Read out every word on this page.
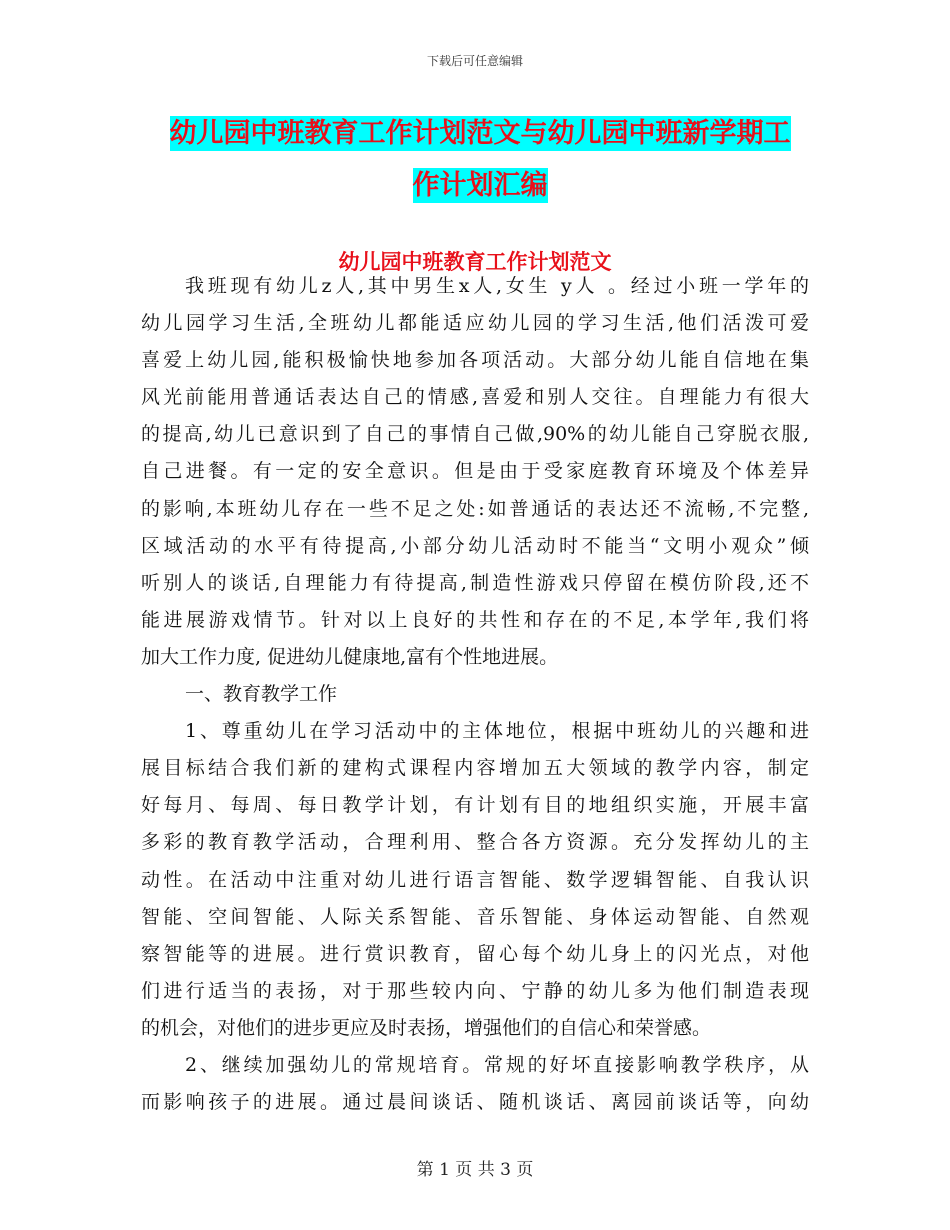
下载后可任意编辑
幼儿园中班教育工作计划范文与幼儿园中班新学期工
作计划汇编
幼儿园中班教育工作计划范文
我班现有幼儿z人,其中男生x人,女生 y人 。经过小班一学年的
幼儿园学习生活,全班幼儿都能适应幼儿园的学习生活,他们活泼可爱
喜爱上幼儿园,能积极愉快地参加各项活动。大部分幼儿能自信地在集
风光前能用普通话表达自己的情感,喜爱和别人交往。自理能力有很大
的提高,幼儿已意识到了自己的事情自己做,90%的幼儿能自己穿脱衣服,
自己进餐。有一定的安全意识。但是由于受家庭教育环境及个体差异
的影响,本班幼儿存在一些不足之处:如普通话的表达还不流畅,不完整,
区域活动的水平有待提高,小部分幼儿活动时不能当“文明小观众”倾
听别人的谈话,自理能力有待提高,制造性游戏只停留在模仿阶段,还不
能进展游戏情节。针对以上良好的共性和存在的不足,本学年,我们将
加大工作力度, 促进幼儿健康地,富有个性地进展。
一、教育教学工作
1、尊重幼儿在学习活动中的主体地位，根据中班幼儿的兴趣和进
展目标结合我们新的建构式课程内容增加五大领域的教学内容，制定
好每月、每周、每日教学计划，有计划有目的地组织实施，开展丰富
多彩的教育教学活动，合理利用、整合各方资源。充分发挥幼儿的主
动性。在活动中注重对幼儿进行语言智能、数学逻辑智能、自我认识
智能、空间智能、人际关系智能、音乐智能、身体运动智能、自然观
察智能等的进展。进行赏识教育，留心每个幼儿身上的闪光点，对他
们进行适当的表扬，对于那些较内向、宁静的幼儿多为他们制造表现
的机会，对他们的进步更应及时表扬，增强他们的自信心和荣誉感。
2、继续加强幼儿的常规培育。常规的好坏直接影响教学秩序，从
而影响孩子的进展。通过晨间谈话、随机谈话、离园前谈话等，向幼
第 1 页 共 3 页
